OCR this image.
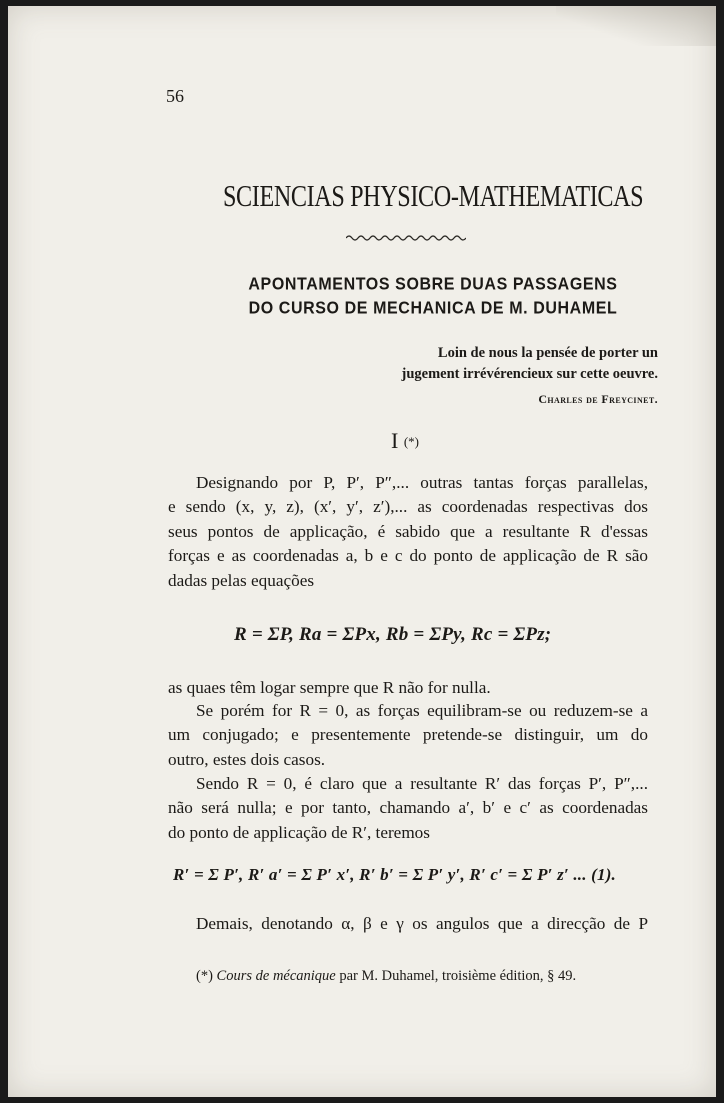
56
SCIENCIAS PHYSICO-MATHEMATICAS
APONTAMENTOS SOBRE DUAS PASSAGENS
DO CURSO DE MECHANICA DE M. DUHAMEL
Loin de nous la pensée de porter un
jugement irrévérencieux sur cette oeuvre.
Charles de Freycinet.
I (*)

Designando por P, P′, P″,... outras tantas forças parallelas,
e sendo (x, y, z), (x′, y′, z′),... as coordenadas respectivas dos
seus pontos de applicação, é sabido que a resultante R d'essas
forças e as coordenadas a, b e c do ponto de applicação de R são
dadas pelas equações

R = ΣP, Ra = ΣPx, Rb = ΣPy, Rc = ΣPz;

as quaes têm logar sempre que R não for nulla.

Se porém for R = 0, as forças equilibram-se ou reduzem-se a
um conjugado; e presentemente pretende-se distinguir, um do
outro, estes dois casos.

Sendo R = 0, é claro que a resultante R′ das forças P′, P″,...
não será nulla; e por tanto, chamando a′, b′ e c′ as coordenadas
do ponto de applicação de R′, teremos

R′ = Σ P′, R′ a′ = Σ P′ x′, R′ b′ = Σ P′ y′, R′ c′ = Σ P′ z′ ... (1).

Demais, denotando α, β e γ os angulos que a direcção de P

(*) Cours de mécanique par M. Duhamel, troisième édition, § 49.
